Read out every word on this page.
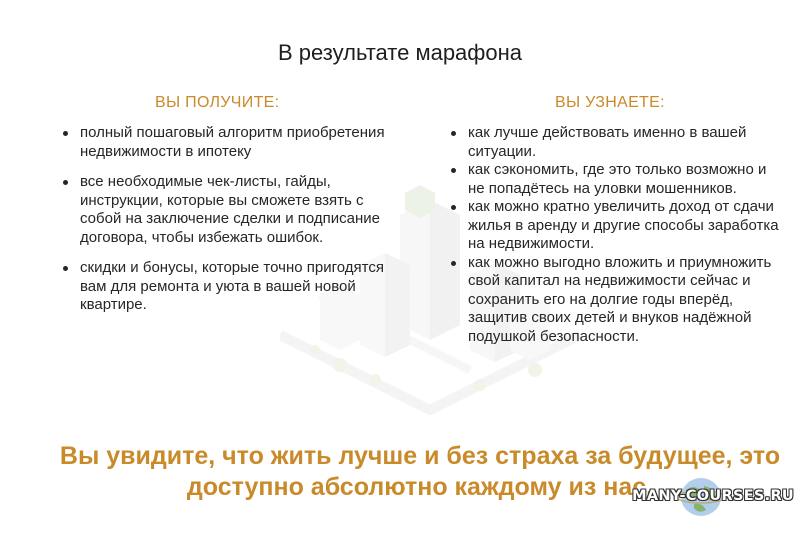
В результате марафона
ВЫ ПОЛУЧИТЕ:	ВЫ УЗНАЕТЕ:
полный пошаговый алгоритм приобретения недвижимости в ипотеку
все необходимые чек-листы, гайды, инструкции, которые вы сможете взять с собой на заключение сделки и подписание договора, чтобы избежать ошибок.
скидки и бонусы, которые точно пригодятся вам для ремонта и уюта в вашей новой квартире.
как лучше действовать именно в вашей ситуации.
как сэкономить, где это только возможно и не попадётесь на уловки мошенников.
как можно кратно увеличить доход от сдачи жилья в аренду и другие способы заработка на недвижимости.
как можно выгодно вложить и приумножить свой капитал на недвижимости сейчас и сохранить его на долгие годы вперёд, защитив своих детей и внуков надёжной подушкой безопасности.

Вы увидите, что жить лучше и без страха за будущее, это доступно абсолютно каждому из нас.

MANY-COURSES.RU
